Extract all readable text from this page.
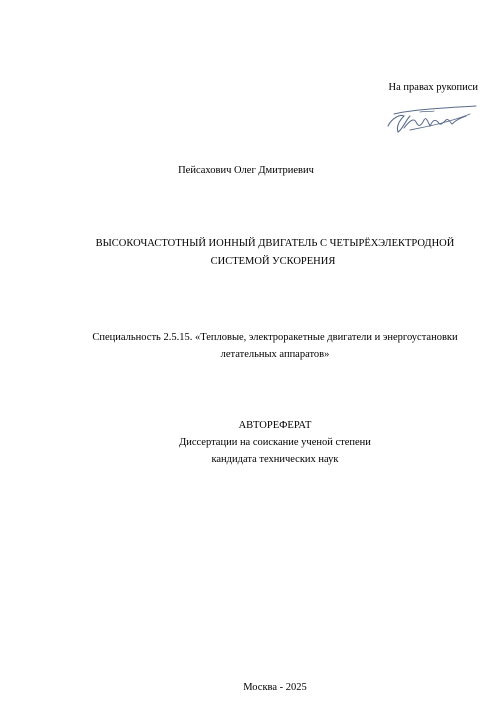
На правах рукописи
Пейсахович Олег Дмитриевич
ВЫСОКОЧАСТОТНЫЙ ИОННЫЙ ДВИГАТЕЛЬ С ЧЕТЫРЁХЭЛЕКТРОДНОЙ
СИСТЕМОЙ УСКОРЕНИЯ
Специальность 2.5.15. «Тепловые, электроракетные двигатели и энергоустановки
летательных аппаратов»
АВТОРЕФЕРАТ
Диссертации на соискание ученой степени
кандидата технических наук
Москва - 2025
